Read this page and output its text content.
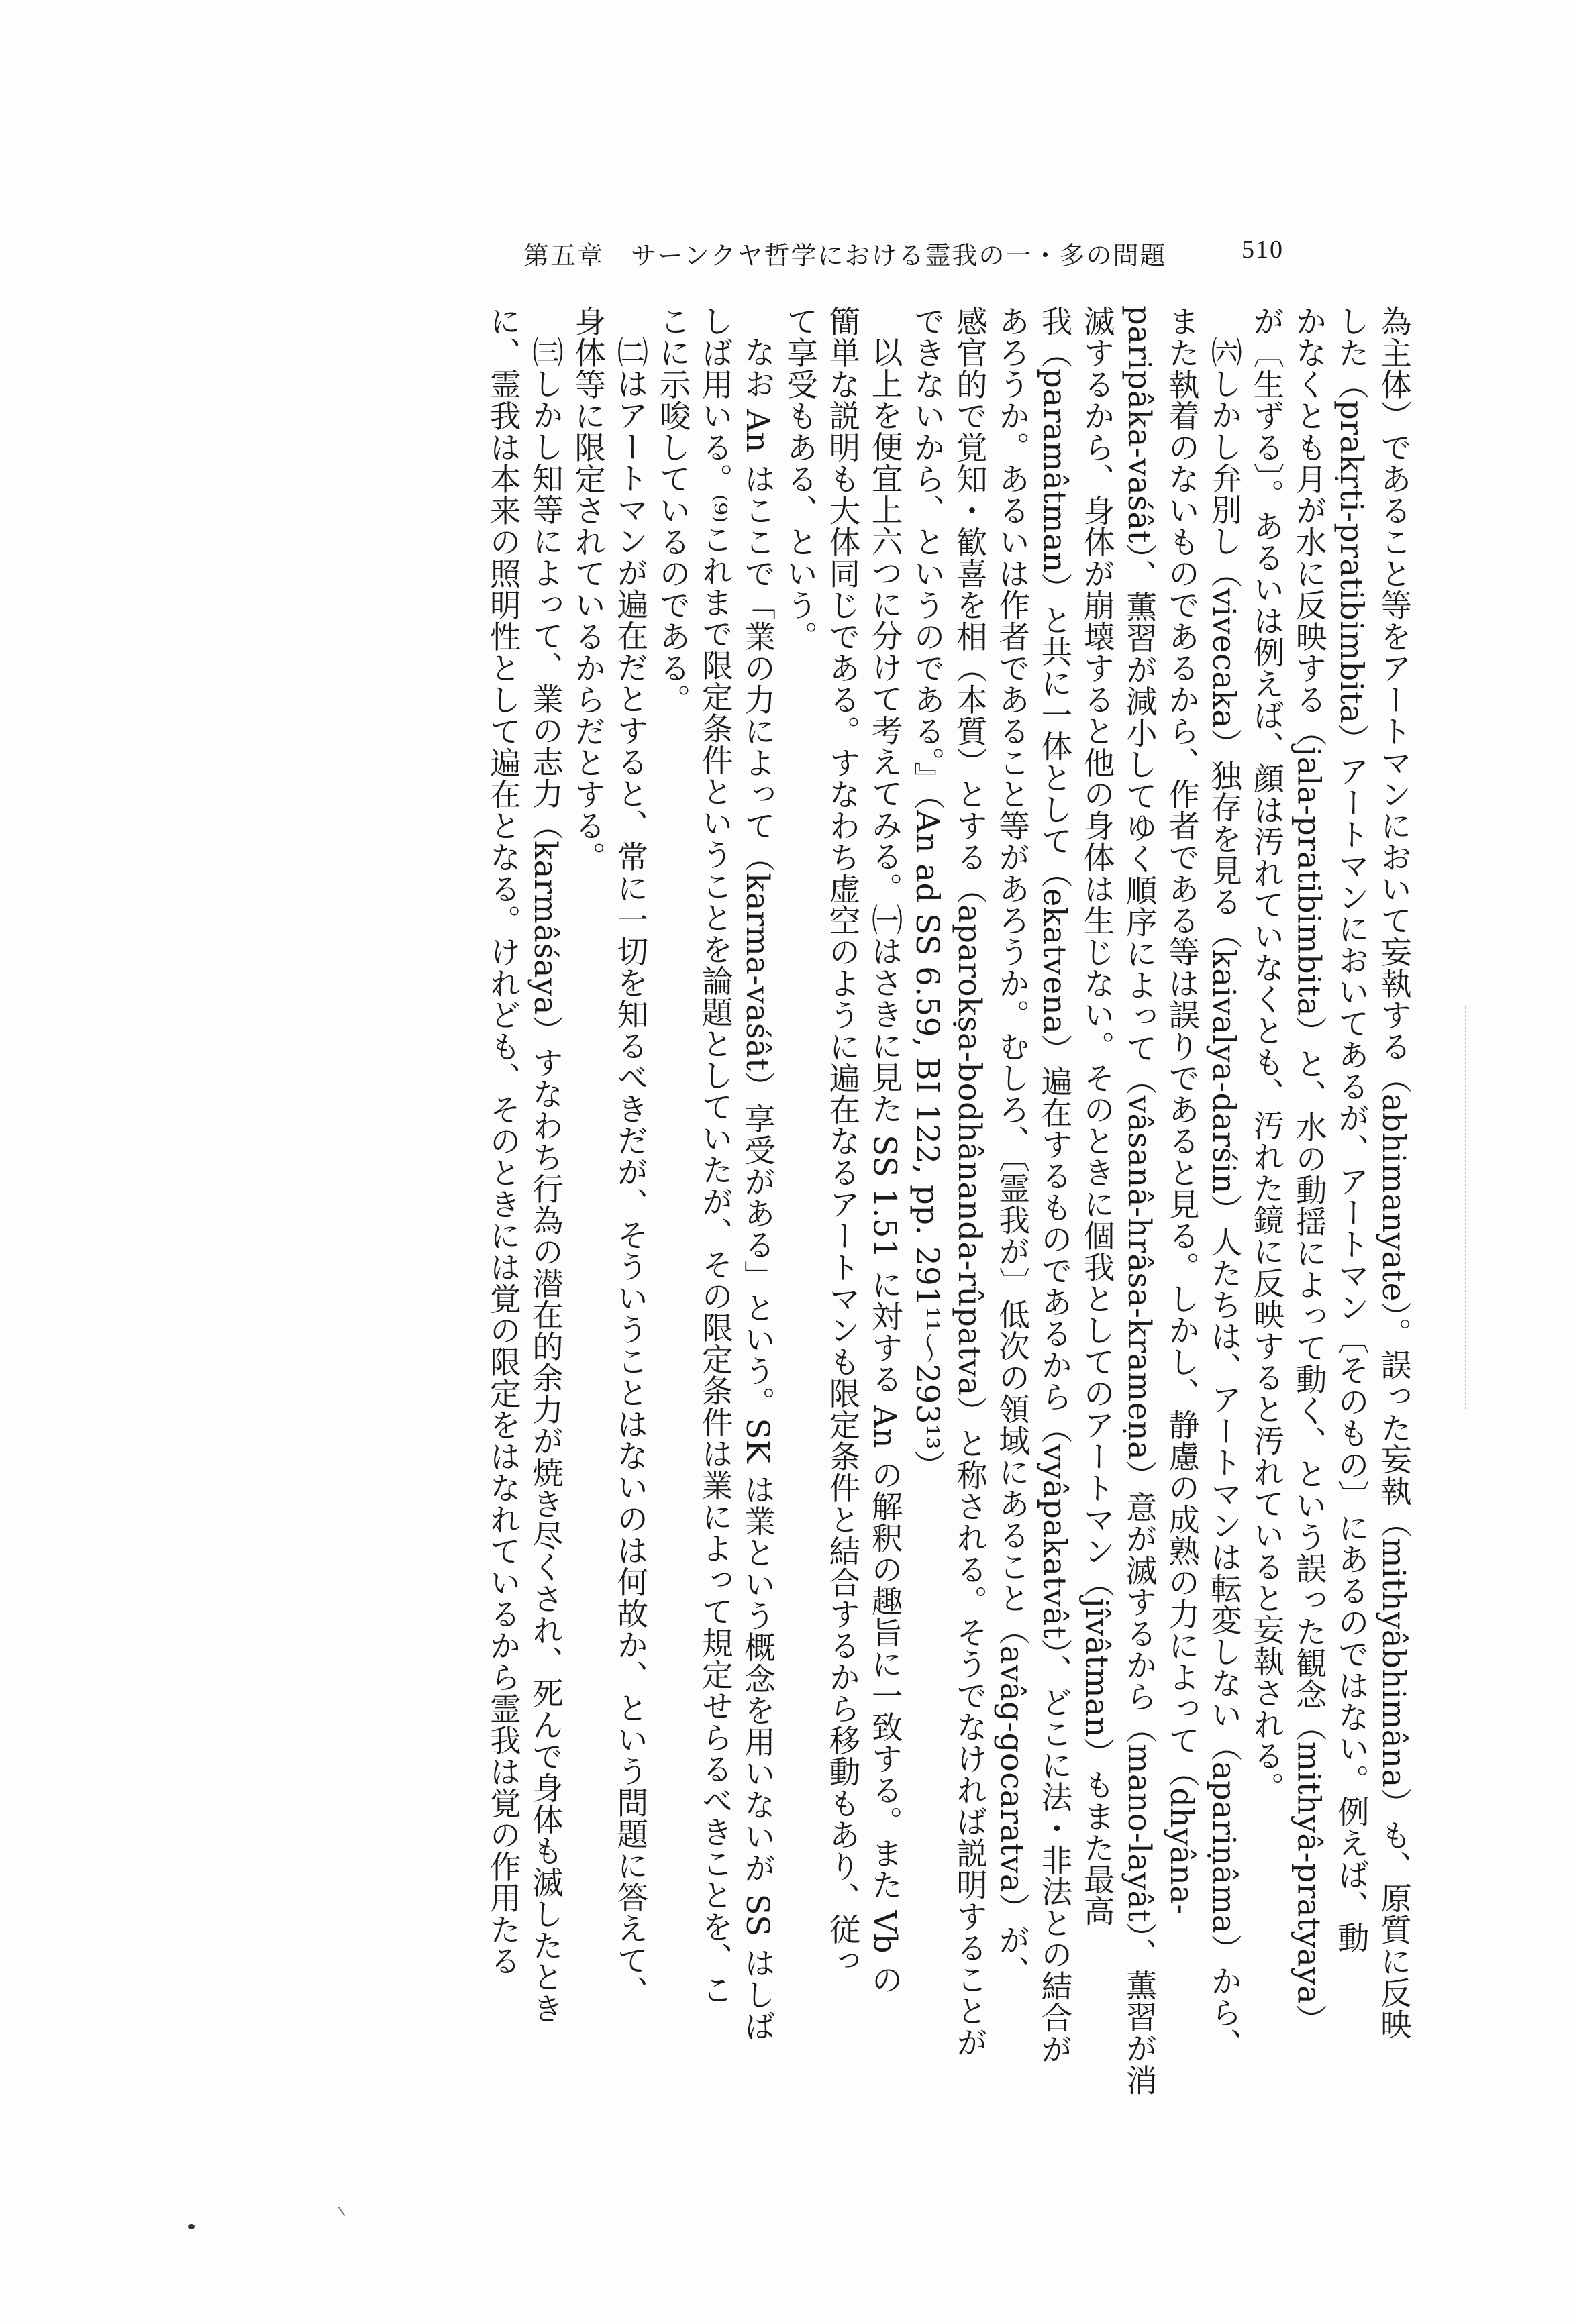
第五章　サーンクヤ哲学における霊我の一・多の問題	510
為主体）であること等をアートマンにおいて妄執する（abhimanyate）。誤った妄執（mithyâbhimâna）も、原質に反映
した（prakṛti-pratibimbita）アートマンにおいてあるが、アートマン〔そのもの〕にあるのではない。例えば、動
かなくとも月が水に反映する（jala-pratibimbita）と、水の動揺によって動く、という誤った観念（mithyâ-pratyaya）
が〔生ずる〕。あるいは例えば、顔は汚れていなくとも、汚れた鏡に反映すると汚れていると妄執される。
㈥しかし弁別し（vivecaka）独存を見る（kaivalya-darśin）人たちは、アートマンは転変しない（apariṇâma）から、
また執着のないものであるから、作者である等は誤りであると見る。しかし、静慮の成熟の力によって（dhyâna-
paripâka-vaśât）、薫習が減小してゆく順序によって（vâsanâ-hrâsa-krameṇa）意が滅するから（mano-layât）、薫習が消
滅するから、身体が崩壊すると他の身体は生じない。そのときに個我としてのアートマン（jîvâtman）もまた最高
我（paramâtman）と共に一体として（ekatvena）遍在するものであるから（vyâpakatvât）、どこに法・非法との結合が
あろうか。あるいは作者であること等があろうか。むしろ、〔霊我が〕低次の領域にあること（avâg-gocaratva）が、
感官的で覚知・歓喜を相（本質）とする（aparokṣa-bodhânanda-rûpatva）と称される。そうでなければ説明することが
できないから、というのである。』（An ad SS 6.59, BI 122, pp. 291¹¹～293¹³）
以上を便宜上六つに分けて考えてみる。㈠はさきに見た SS 1.51 に対する An の解釈の趣旨に一致する。また Vb の
簡単な説明も大体同じである。すなわち虚空のように遍在なるアートマンも限定条件と結合するから移動もあり、従っ
て享受もある、という。
なお An はここで「業の力によって（karma-vaśât）享受がある」という。SK は業という概念を用いないが SS はしば
しば用いる。⁽⁹⁾これまで限定条件ということを論題としていたが、その限定条件は業によって規定せらるべきことを、こ
こに示唆しているのである。
㈡はアートマンが遍在だとすると、常に一切を知るべきだが、そういうことはないのは何故か、という問題に答えて、
身体等に限定されているからだとする。
㈢しかし知等によって、業の志力（karmâśaya）すなわち行為の潜在的余力が焼き尽くされ、死んで身体も滅したとき
に、霊我は本来の照明性として遍在となる。けれども、そのときには覚の限定をはなれているから霊我は覚の作用たる
